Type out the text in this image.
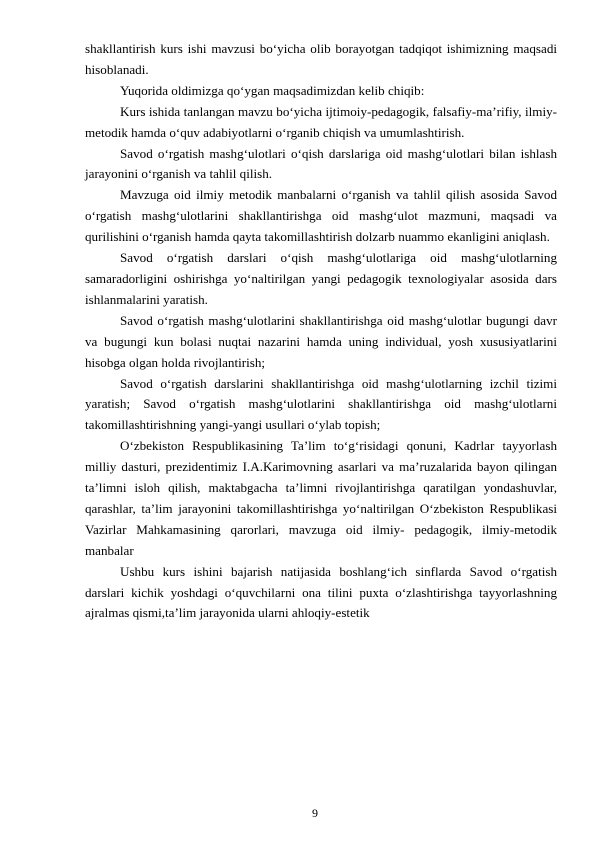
shakllantirish kurs ishi mavzusi bo‘yicha olib borayotgan tadqiqot ishimizning maqsadi hisoblanadi.

Yuqorida oldimizga qo‘ygan maqsadimizdan kelib chiqib:

Kurs ishida tanlangan mavzu bo‘yicha ijtimoiy-pedagogik, falsafiy-ma’rifiy, ilmiy-metodik hamda o‘quv adabiyotlarni o‘rganib chiqish va umumlashtirish.

Savod o‘rgatish mashg‘ulotlari o‘qish darslariga oid mashg‘ulotlari bilan ishlash jarayonini o‘rganish va tahlil qilish.

Mavzuga oid ilmiy metodik manbalarni o‘rganish va tahlil qilish asosida Savod o‘rgatish mashg‘ulotlarini shakllantirishga oid mashg‘ulot mazmuni, maqsadi va qurilishini o‘rganish hamda qayta takomillashtirish dolzarb nuammo ekanligini aniqlash.

Savod o‘rgatish darslari o‘qish mashg‘ulotlariga oid mashg‘ulotlarning samaradorligini oshirishga yo‘naltirilgan yangi pedagogik texnologiyalar asosida dars ishlanmalarini yaratish.

Savod o‘rgatish mashg‘ulotlarini shakllantirishga oid mashg‘ulotlar bugungi davr va bugungi kun bolasi nuqtai nazarini hamda uning individual, yosh xususiyatlarini hisobga olgan holda rivojlantirish;

Savod o‘rgatish darslarini shakllantirishga oid mashg‘ulotlarning izchil tizimi yaratish; Savod o‘rgatish mashg‘ulotlarini shakllantirishga oid mashg‘ulotlarni takomillashtirishning yangi-yangi usullari o‘ylab topish;

O‘zbekiston Respublikasining Ta’lim to‘g‘risidagi qonuni, Kadrlar tayyorlash milliy dasturi, prezidentimiz I.A.Karimovning asarlari va ma’ruzalarida bayon qilingan ta’limni isloh qilish, maktabgacha ta’limni rivojlantirishga qaratilgan yondashuvlar, qarashlar, ta’lim jarayonini takomillashtirishga yo‘naltirilgan O‘zbekiston Respublikasi Vazirlar Mahkamasining qarorlari, mavzuga oid ilmiy- pedagogik, ilmiy-metodik manbalar

Ushbu kurs ishini bajarish natijasida boshlang‘ich sinflarda Savod o‘rgatish darslari kichik yoshdagi o‘quvchilarni ona tilini puxta o‘zlashtirishga tayyorlashning ajralmas qismi,ta’lim jarayonida ularni ahloqiy-estetik

9
